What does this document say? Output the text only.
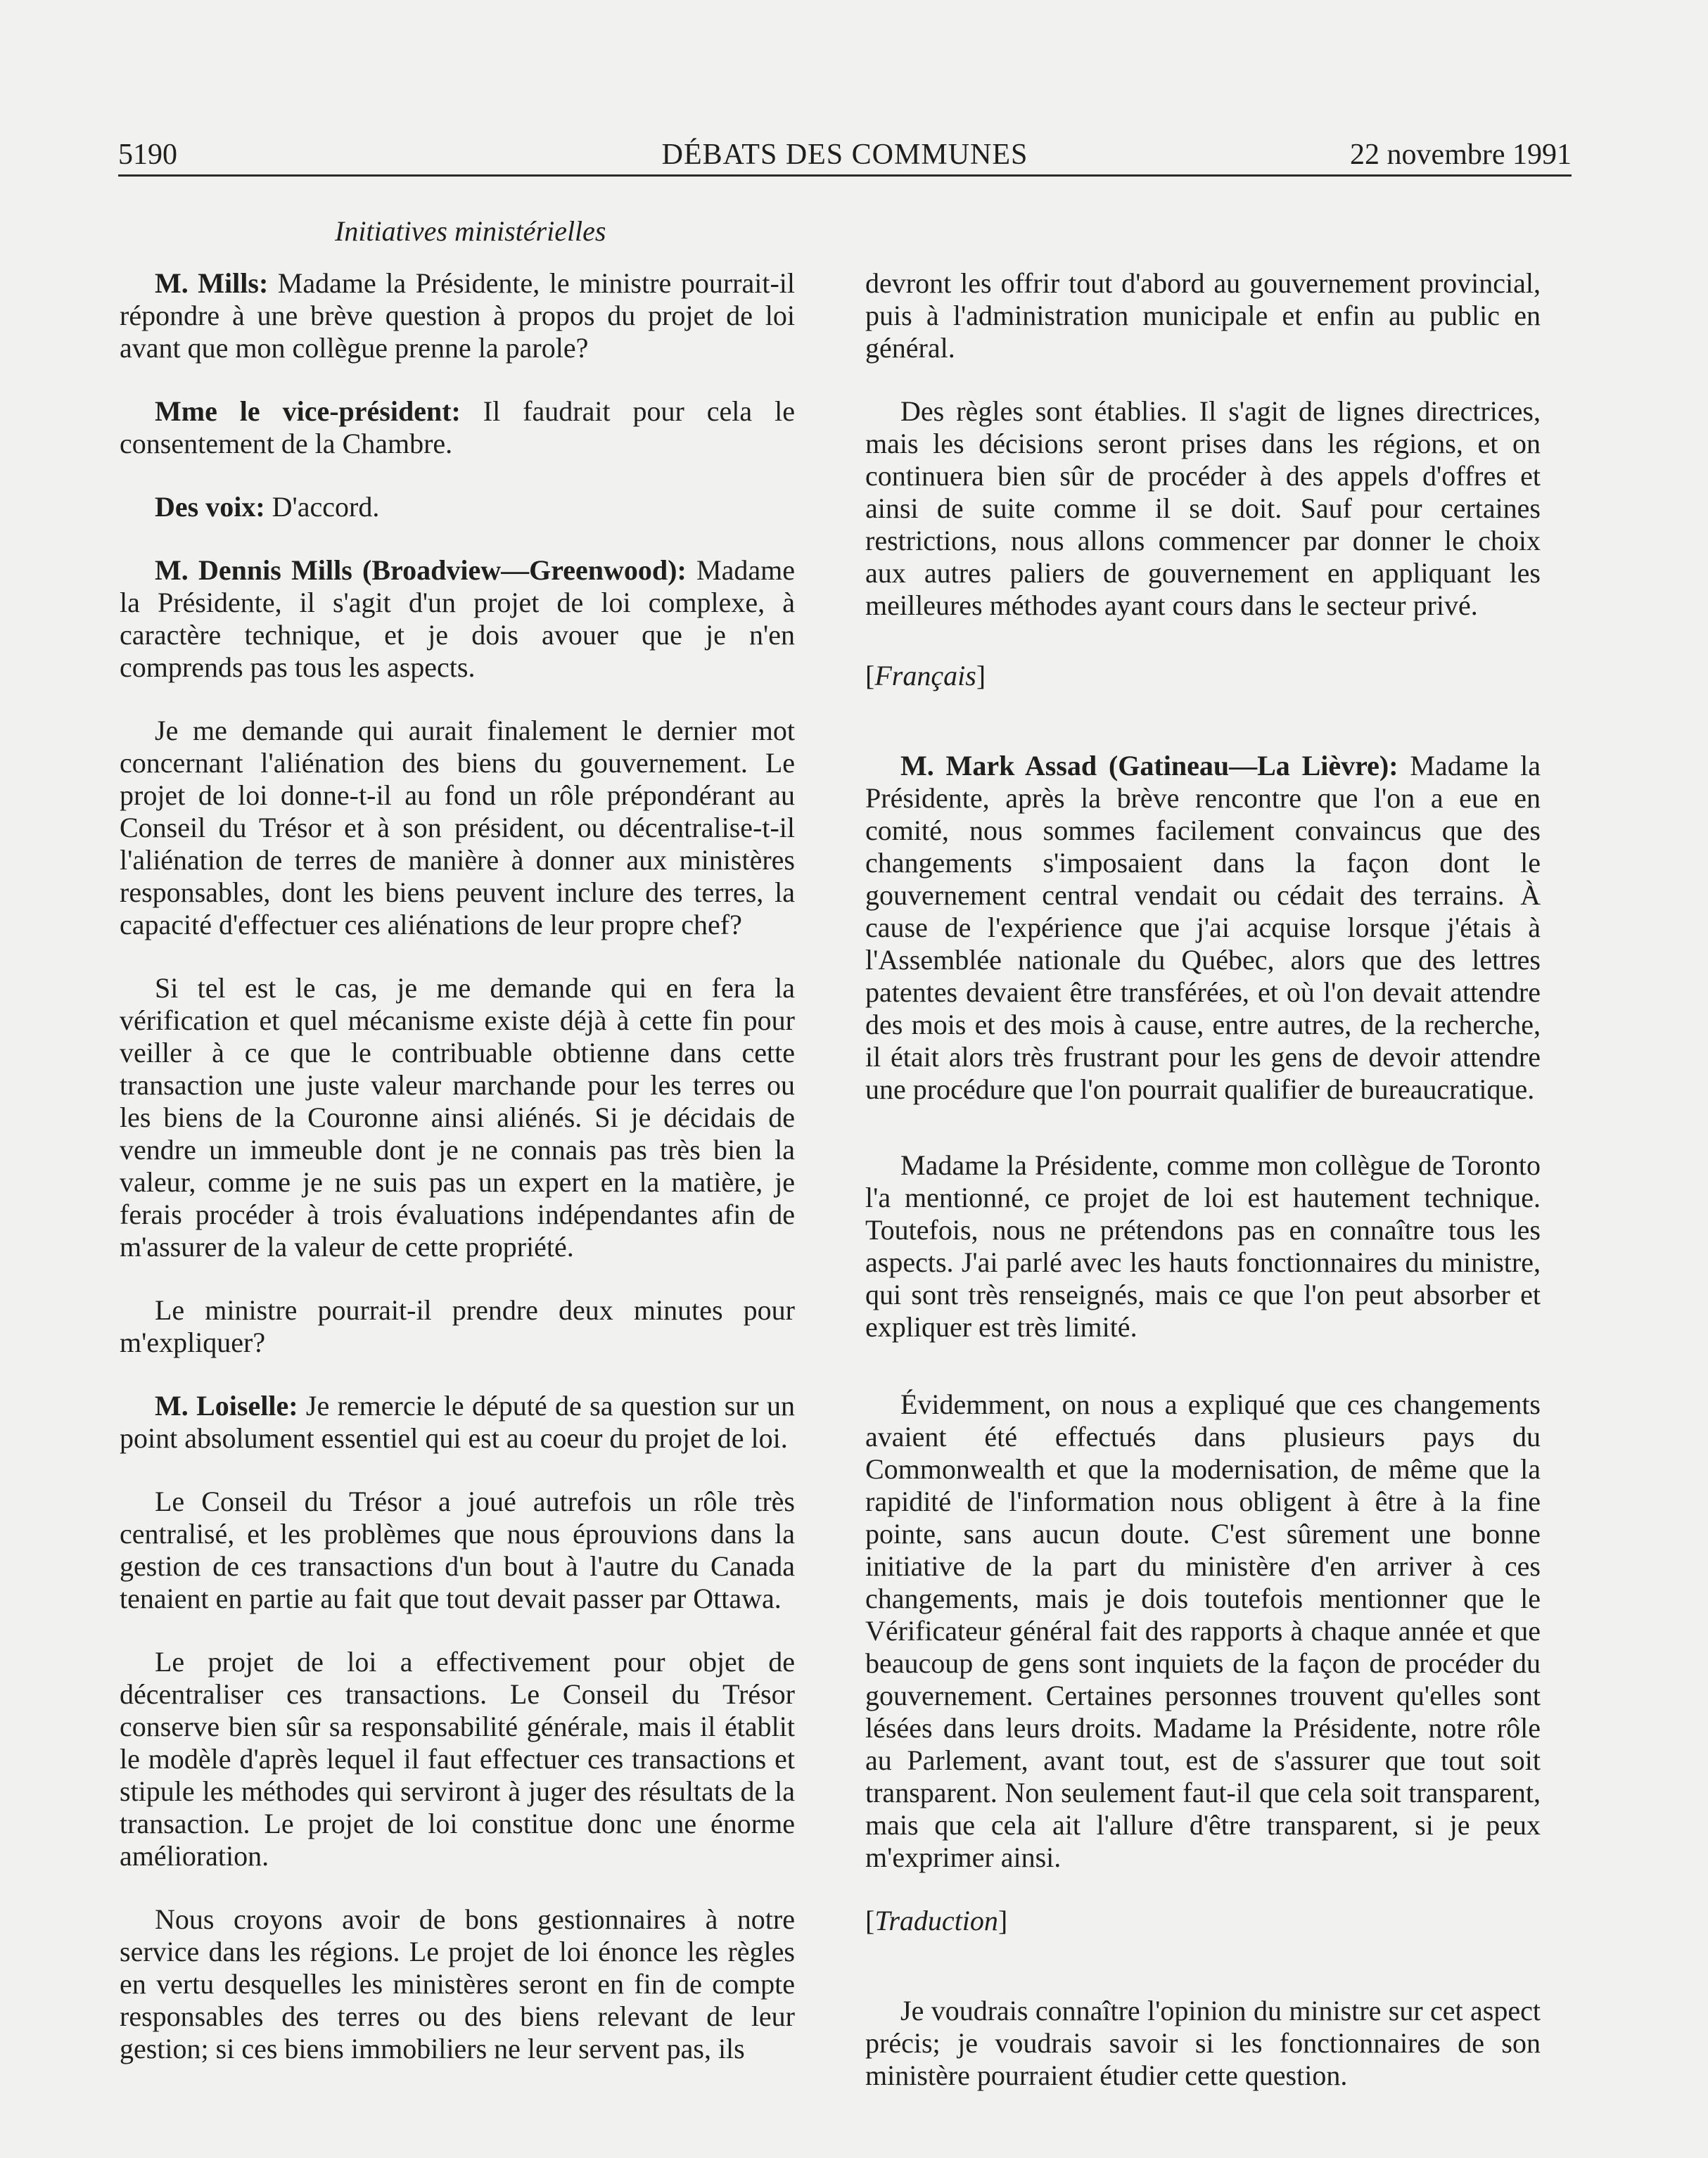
5190	DÉBATS DES COMMUNES	22 novembre 1991
Initiatives ministérielles

M. Mills: Madame la Présidente, le ministre pourrait-il répondre à une brève question à propos du projet de loi avant que mon collègue prenne la parole?

Mme le vice-président: Il faudrait pour cela le consentement de la Chambre.

Des voix: D'accord.

M. Dennis Mills (Broadview—Greenwood): Madame la Présidente, il s'agit d'un projet de loi complexe, à caractère technique, et je dois avouer que je n'en comprends pas tous les aspects.

Je me demande qui aurait finalement le dernier mot concernant l'aliénation des biens du gouvernement. Le projet de loi donne-t-il au fond un rôle prépondérant au Conseil du Trésor et à son président, ou décentralise-t-il l'aliénation de terres de manière à donner aux ministères responsables, dont les biens peuvent inclure des terres, la capacité d'effectuer ces aliénations de leur propre chef?

Si tel est le cas, je me demande qui en fera la vérification et quel mécanisme existe déjà à cette fin pour veiller à ce que le contribuable obtienne dans cette transaction une juste valeur marchande pour les terres ou les biens de la Couronne ainsi aliénés. Si je décidais de vendre un immeuble dont je ne connais pas très bien la valeur, comme je ne suis pas un expert en la matière, je ferais procéder à trois évaluations indépendantes afin de m'assurer de la valeur de cette propriété.

Le ministre pourrait-il prendre deux minutes pour m'expliquer?

M. Loiselle: Je remercie le député de sa question sur un point absolument essentiel qui est au coeur du projet de loi.

Le Conseil du Trésor a joué autrefois un rôle très centralisé, et les problèmes que nous éprouvions dans la gestion de ces transactions d'un bout à l'autre du Canada tenaient en partie au fait que tout devait passer par Ottawa.

Le projet de loi a effectivement pour objet de décentraliser ces transactions. Le Conseil du Trésor conserve bien sûr sa responsabilité générale, mais il établit le modèle d'après lequel il faut effectuer ces transactions et stipule les méthodes qui serviront à juger des résultats de la transaction. Le projet de loi constitue donc une énorme amélioration.

Nous croyons avoir de bons gestionnaires à notre service dans les régions. Le projet de loi énonce les règles en vertu desquelles les ministères seront en fin de compte responsables des terres ou des biens relevant de leur gestion; si ces biens immobiliers ne leur servent pas, ils

devront les offrir tout d'abord au gouvernement provincial, puis à l'administration municipale et enfin au public en général.

Des règles sont établies. Il s'agit de lignes directrices, mais les décisions seront prises dans les régions, et on continuera bien sûr de procéder à des appels d'offres et ainsi de suite comme il se doit. Sauf pour certaines restrictions, nous allons commencer par donner le choix aux autres paliers de gouvernement en appliquant les meilleures méthodes ayant cours dans le secteur privé.

[Français]

M. Mark Assad (Gatineau—La Lièvre): Madame la Présidente, après la brève rencontre que l'on a eue en comité, nous sommes facilement convaincus que des changements s'imposaient dans la façon dont le gouvernement central vendait ou cédait des terrains. À cause de l'expérience que j'ai acquise lorsque j'étais à l'Assemblée nationale du Québec, alors que des lettres patentes devaient être transférées, et où l'on devait attendre des mois et des mois à cause, entre autres, de la recherche, il était alors très frustrant pour les gens de devoir attendre une procédure que l'on pourrait qualifier de bureaucratique.

Madame la Présidente, comme mon collègue de Toronto l'a mentionné, ce projet de loi est hautement technique. Toutefois, nous ne prétendons pas en connaître tous les aspects. J'ai parlé avec les hauts fonctionnaires du ministre, qui sont très renseignés, mais ce que l'on peut absorber et expliquer est très limité.

Évidemment, on nous a expliqué que ces changements avaient été effectués dans plusieurs pays du Commonwealth et que la modernisation, de même que la rapidité de l'information nous obligent à être à la fine pointe, sans aucun doute. C'est sûrement une bonne initiative de la part du ministère d'en arriver à ces changements, mais je dois toutefois mentionner que le Vérificateur général fait des rapports à chaque année et que beaucoup de gens sont inquiets de la façon de procéder du gouvernement. Certaines personnes trouvent qu'elles sont lésées dans leurs droits. Madame la Présidente, notre rôle au Parlement, avant tout, est de s'assurer que tout soit transparent. Non seulement faut-il que cela soit transparent, mais que cela ait l'allure d'être transparent, si je peux m'exprimer ainsi.

[Traduction]

Je voudrais connaître l'opinion du ministre sur cet aspect précis; je voudrais savoir si les fonctionnaires de son ministère pourraient étudier cette question.
